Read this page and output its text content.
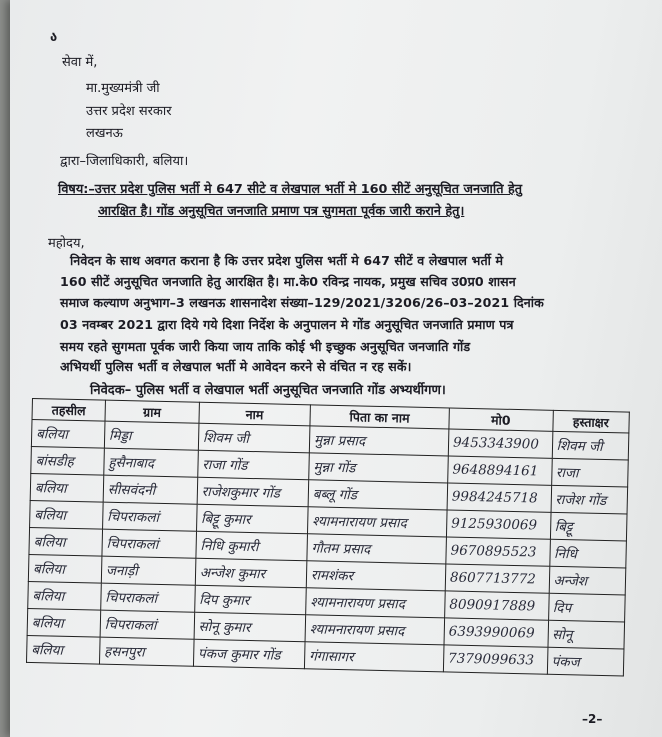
ა
सेवा में,
मा.मुख्यमंत्री जी
उत्तर प्रदेश सरकार
लखनऊ
द्वारा–जिलाधिकारी, बलिया।
विषय:–उत्तर प्रदेश पुलिस भर्ती मे 647 सीटे व लेखपाल भर्ती मे 160 सीटें अनुसूचित जनजाति हेतु
आरक्षित है। गोंड अनुसूचित जनजाति प्रमाण पत्र सुगमता पूर्वक जारी कराने हेतु।
महोदय,
निवेदन के साथ अवगत कराना है कि उत्तर प्रदेश पुलिस भर्ती मे 647 सीटें व लेखपाल भर्ती मे
160 सीटें अनुसूचित जनजाति हेतु आरक्षित है। मा.के0 रविन्द्र नायक, प्रमुख सचिव उ0प्र0 शासन
समाज कल्याण अनुभाग–3 लखनऊ शासनादेश संख्या–129/2021/3206/26–03–2021 दिनांक
03 नवम्बर 2021 द्वारा दिये गये दिशा निर्देश के अनुपालन मे गोंड अनुसूचित जनजाति प्रमाण पत्र
समय रहते सुगमता पूर्वक जारी किया जाय ताकि कोई भी इच्छुक अनुसूचित जनजाति गोंड
अभियर्थी पुलिस भर्ती व लेखपाल भर्ती मे आवेदन करने से वंचित न रह सकें।
निवेदक– पुलिस भर्ती व लेखपाल भर्ती अनुसूचित जनजाति गोंड अभ्यर्थीगण।
तहसील	ग्राम	नाम	पिता का नाम	मो0	हस्ताक्षर
बलिया	मिड्डा	शिवम जी	मुन्ना प्रसाद	9453343900	शिवम जी
बांसडीह	हुसैनाबाद	राजा गोंड	मुन्ना गोंड	9648894161	राजा
बलिया	सीसवंदनी	राजेशकुमार गोंड	बब्लू गोंड	9984245718	राजेश गोंड
बलिया	चिपराकलां	बिट्टू कुमार	श्यामनारायण प्रसाद	9125930069	बिट्टू
बलिया	चिपराकलां	निधि कुमारी	गौतम प्रसाद	9670895523	निधि
बलिया	जनाड़ी	अन्जेश कुमार	रामशंकर	8607713772	अन्जेश
बलिया	चिपराकलां	दिप कुमार	श्यामनारायण प्रसाद	8090917889	दिप
बलिया	चिपराकलां	सोनू कुमार	श्यामनारायण प्रसाद	6393990069	सोनू
बलिया	हसनपुरा	पंकज कुमार गोंड	गंगासागर	7379099633	पंकज
–2–
